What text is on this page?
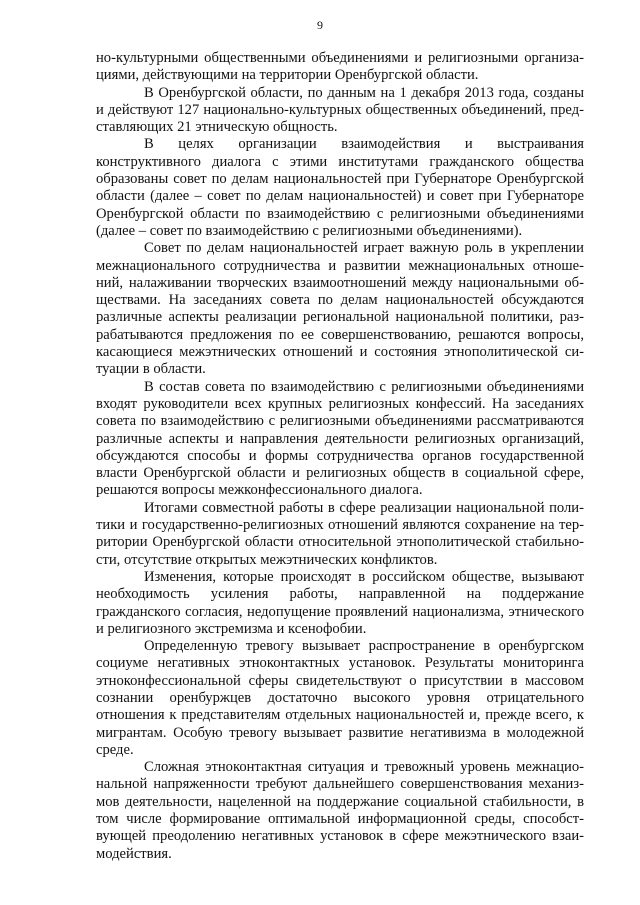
9

но-культурными общественными объединениями и религиозными организациями, действующими на территории Оренбургской области.

В Оренбургской области, по данным на 1 декабря 2013 года, созданы и действуют 127 национально-культурных общественных объединений, представляющих 21 этническую общность.

В целях организации взаимодействия и выстраивания конструктивного диалога с этими институтами гражданского общества образованы совет по делам национальностей при Губернаторе Оренбургской области (далее – совет по делам национальностей) и совет при Губернаторе Оренбургской области по взаимодействию с религиозными объединениями (далее – совет по взаимодействию с религиозными объединениями).

Совет по делам национальностей играет важную роль в укреплении межнационального сотрудничества и развитии межнациональных отношений, налаживании творческих взаимоотношений между национальными обществами. На заседаниях совета по делам национальностей обсуждаются различные аспекты реализации региональной национальной политики, разрабатываются предложения по ее совершенствованию, решаются вопросы, касающиеся межэтнических отношений и состояния этнополитической ситуации в области.

В состав совета по взаимодействию с религиозными объединениями входят руководители всех крупных религиозных конфессий. На заседаниях совета по взаимодействию с религиозными объединениями рассматриваются различные аспекты и направления деятельности религиозных организаций, обсуждаются способы и формы сотрудничества органов государственной власти Оренбургской области и религиозных обществ в социальной сфере, решаются вопросы межконфессионального диалога.

Итогами совместной работы в сфере реализации национальной политики и государственно-религиозных отношений являются сохранение на территории Оренбургской области относительной этнополитической стабильности, отсутствие открытых межэтнических конфликтов.

Изменения, которые происходят в российском обществе, вызывают необходимость усиления работы, направленной на поддержание гражданского согласия, недопущение проявлений национализма, этнического и религиозного экстремизма и ксенофобии.

Определенную тревогу вызывает распространение в оренбургском социуме негативных этноконтактных установок. Результаты мониторинга этноконфессиональной сферы свидетельствуют о присутствии в массовом сознании оренбуржцев достаточно высокого уровня отрицательного отношения к представителям отдельных национальностей и, прежде всего, к мигрантам. Особую тревогу вызывает развитие негативизма в молодежной среде.

Сложная этноконтактная ситуация и тревожный уровень межнациональной напряженности требуют дальнейшего совершенствования механизмов деятельности, нацеленной на поддержание социальной стабильности, в том числе формирование оптимальной информационной среды, способствующей преодолению негативных установок в сфере межэтнического взаимодействия.
